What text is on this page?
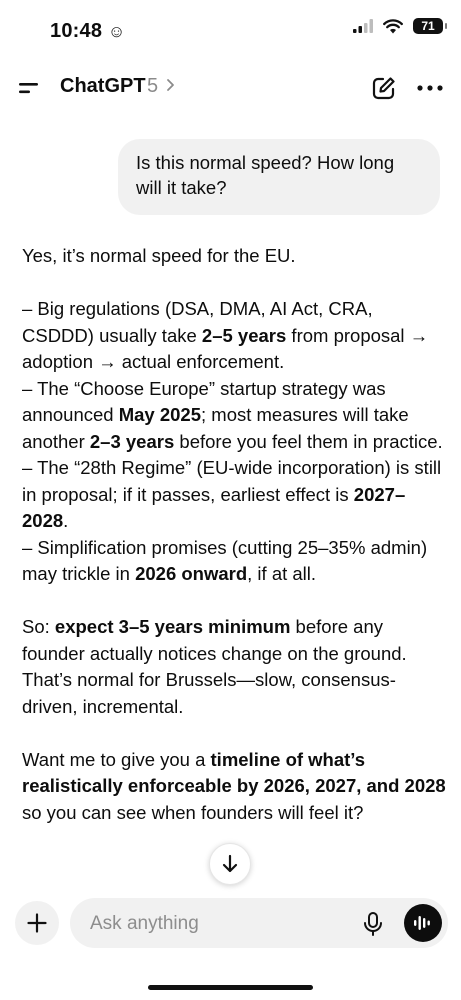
10:48 ☺	71
ChatGPT 5
Is this normal speed? How long will it take?

Yes, it’s normal speed for the EU.

– Big regulations (DSA, DMA, AI Act, CRA, CSDDD) usually take 2–5 years from proposal → adoption → actual enforcement.

– The “Choose Europe” startup strategy was announced May 2025; most measures will take another 2–3 years before you feel them in practice.

– The “28th Regime” (EU-wide incorporation) is still in proposal; if it passes, earliest effect is 2027–2028.

– Simplification promises (cutting 25–35% admin) may trickle in 2026 onward, if at all.

So: expect 3–5 years minimum before any founder actually notices change on the ground. That’s normal for Brussels—slow, consensus-driven, incremental.

Want me to give you a timeline of what’s realistically enforceable by 2026, 2027, and 2028 so you can see when founders will feel it?

Ask anything
